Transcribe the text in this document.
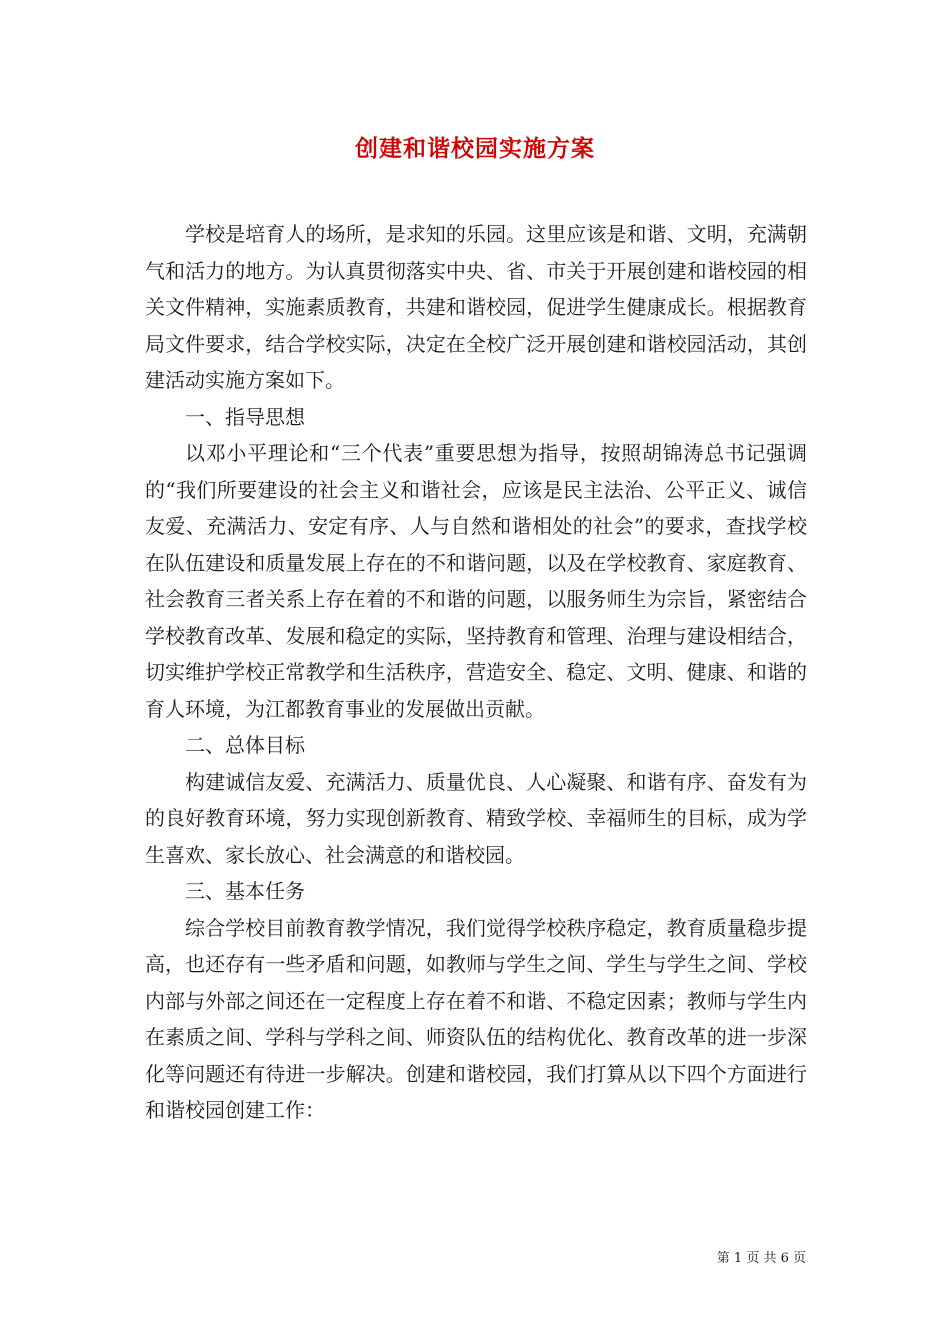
创建和谐校园实施方案

学校是培育人的场所，是求知的乐园。这里应该是和谐、文明，充满朝气和活力的地方。为认真贯彻落实中央、省、市关于开展创建和谐校园的相关文件精神，实施素质教育，共建和谐校园，促进学生健康成长。根据教育局文件要求，结合学校实际，决定在全校广泛开展创建和谐校园活动，其创建活动实施方案如下。

一、指导思想

以邓小平理论和“三个代表”重要思想为指导，按照胡锦涛总书记强调的“我们所要建设的社会主义和谐社会，应该是民主法治、公平正义、诚信友爱、充满活力、安定有序、人与自然和谐相处的社会”的要求，查找学校在队伍建设和质量发展上存在的不和谐问题，以及在学校教育、家庭教育、社会教育三者关系上存在着的不和谐的问题，以服务师生为宗旨，紧密结合学校教育改革、发展和稳定的实际，坚持教育和管理、治理与建设相结合，切实维护学校正常教学和生活秩序，营造安全、稳定、文明、健康、和谐的育人环境，为江都教育事业的发展做出贡献。

二、总体目标

构建诚信友爱、充满活力、质量优良、人心凝聚、和谐有序、奋发有为的良好教育环境，努力实现创新教育、精致学校、幸福师生的目标，成为学生喜欢、家长放心、社会满意的和谐校园。

三、基本任务

综合学校目前教育教学情况，我们觉得学校秩序稳定，教育质量稳步提高，也还存有一些矛盾和问题，如教师与学生之间、学生与学生之间、学校内部与外部之间还在一定程度上存在着不和谐、不稳定因素；教师与学生内在素质之间、学科与学科之间、师资队伍的结构优化、教育改革的进一步深化等问题还有待进一步解决。创建和谐校园，我们打算从以下四个方面进行和谐校园创建工作：

第 1 页 共 6 页
